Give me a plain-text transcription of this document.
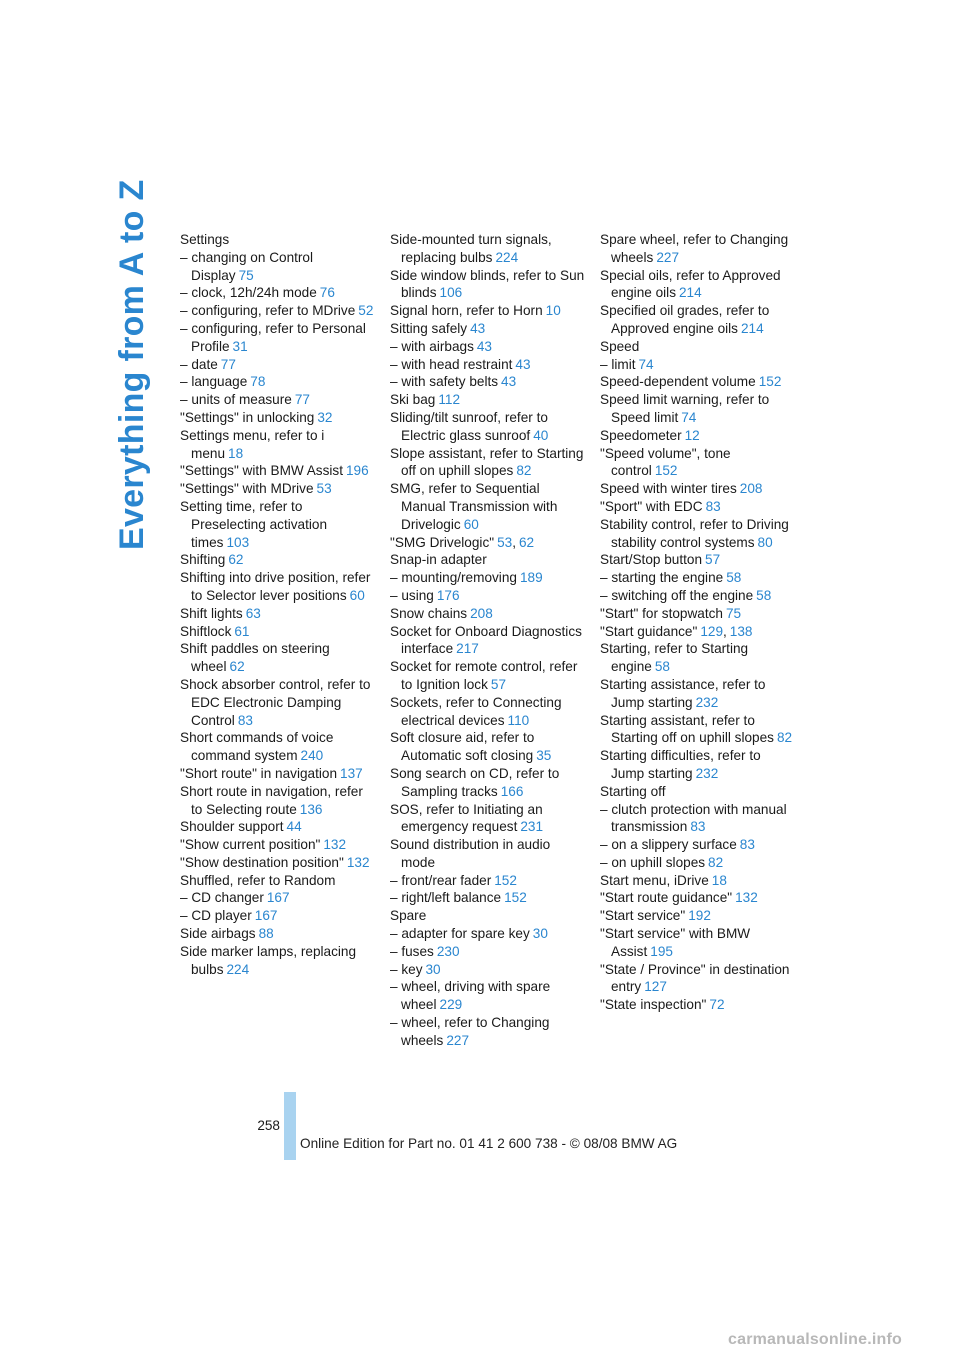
Everything from A to Z Settings
– changing on Control Display 75
– clock, 12h/24h mode 76
– configuring, refer to MDrive 52
– configuring, refer to Personal Profile 31
– date 77
– language 78
– units of measure 77
"Settings" in unlocking 32
Settings menu, refer to i menu 18
"Settings" with BMW Assist 196
"Settings" with MDrive 53
Setting time, refer to Preselecting activation times 103
Shifting 62
Shifting into drive position, refer to Selector lever positions 60
Shift lights 63
Shiftlock 61
Shift paddles on steering wheel 62
Shock absorber control, refer to EDC Electronic Damping Control 83
Short commands of voice command system 240
"Short route" in navigation 137
Short route in navigation, refer to Selecting route 136
Shoulder support 44
"Show current position" 132
"Show destination position" 132
Shuffled, refer to Random
– CD changer 167
– CD player 167
Side airbags 88
Side marker lamps, replacing bulbs 224
Side-mounted turn signals, replacing bulbs 224
Side window blinds, refer to Sun blinds 106
Signal horn, refer to Horn 10
Sitting safely 43
– with airbags 43
– with head restraint 43
– with safety belts 43
Ski bag 112
Sliding/tilt sunroof, refer to Electric glass sunroof 40
Slope assistant, refer to Starting off on uphill slopes 82
SMG, refer to Sequential Manual Transmission with Drivelogic 60
"SMG Drivelogic" 53, 62
Snap-in adapter
– mounting/removing 189
– using 176
Snow chains 208
Socket for Onboard Diagnostics interface 217
Socket for remote control, refer to Ignition lock 57
Sockets, refer to Connecting electrical devices 110
Soft closure aid, refer to Automatic soft closing 35
Song search on CD, refer to Sampling tracks 166
SOS, refer to Initiating an emergency request 231
Sound distribution in audio mode
– front/rear fader 152
– right/left balance 152
Spare
– adapter for spare key 30
– fuses 230
– key 30
– wheel, driving with spare wheel 229
– wheel, refer to Changing wheels 227
Spare wheel, refer to Changing wheels 227
Special oils, refer to Approved engine oils 214
Specified oil grades, refer to Approved engine oils 214
Speed
– limit 74
Speed-dependent volume 152
Speed limit warning, refer to Speed limit 74
Speedometer 12
"Speed volume", tone control 152
Speed with winter tires 208
"Sport" with EDC 83
Stability control, refer to Driving stability control systems 80
Start/Stop button 57
– starting the engine 58
– switching off the engine 58
"Start" for stopwatch 75
"Start guidance" 129, 138
Starting, refer to Starting engine 58
Starting assistance, refer to Jump starting 232
Starting assistant, refer to Starting off on uphill slopes 82
Starting difficulties, refer to Jump starting 232
Starting off
– clutch protection with manual transmission 83
– on a slippery surface 83
– on uphill slopes 82
Start menu, iDrive 18
"Start route guidance" 132
"Start service" 192
"Start service" with BMW Assist 195
"State / Province" in destination entry 127
"State inspection" 72
258
Online Edition for Part no. 01 41 2 600 738 - © 08/08 BMW AG
carmanualsonline.info
